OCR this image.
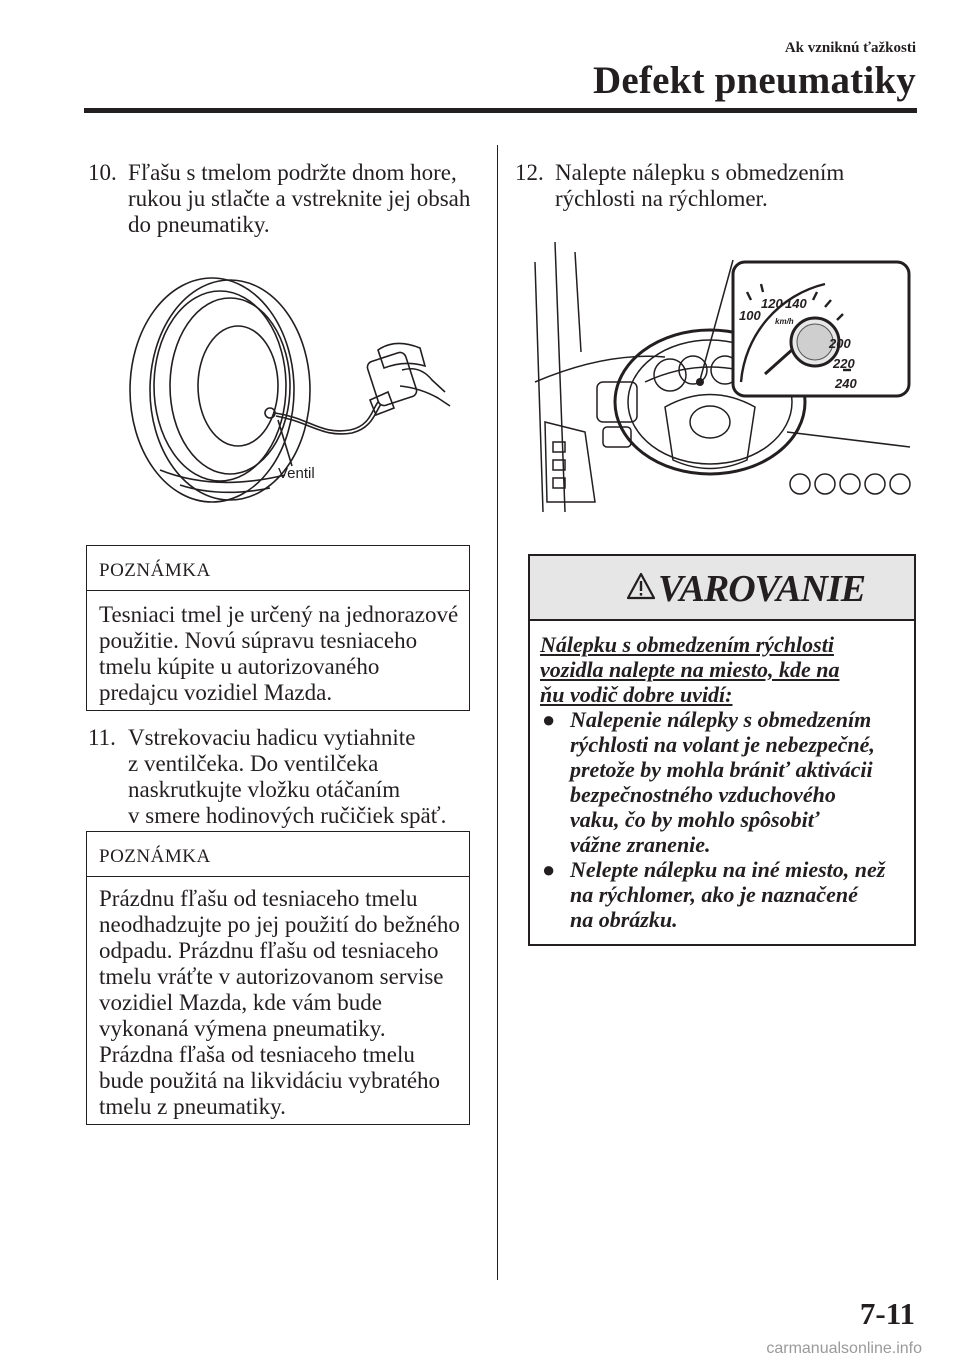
Ak vzniknú ťažkosti
Defekt pneumatiky
10. Fľašu s tmelom podržte dnom hore,
rukou ju stlačte a vstreknite jej obsah
do pneumatiky.
Ventil
POZNÁMKA
Tesniaci tmel je určený na jednorazové
použitie. Novú súpravu tesniaceho
tmelu kúpite u autorizovaného
predajcu vozidiel Mazda.
11. Vstrekovaciu hadicu vytiahnite
z ventilčeka. Do ventilčeka
naskrutkujte vložku otáčaním
v smere hodinových ručičiek späť.
POZNÁMKA
Prázdnu fľašu od tesniaceho tmelu
neodhadzujte po jej použití do bežného
odpadu. Prázdnu fľašu od tesniaceho
tmelu vráťte v autorizovanom servise
vozidiel Mazda, kde vám bude
vykonaná výmena pneumatiky.
Prázdna fľaša od tesniaceho tmelu
bude použitá na likvidáciu vybratého
tmelu z pneumatiky.
12. Nalepte nálepku s obmedzením
rýchlosti na rýchlomer.
100
120 140
km/h
200
220
240
VAROVANIE
Nálepku s obmedzením rýchlosti
vozidla nalepte na miesto, kde na
ňu vodič dobre uvidí:
● Nalepenie nálepky s obmedzením
rýchlosti na volant je nebezpečné,
pretože by mohla brániť aktivácii
bezpečnostného vzduchového
vaku, čo by mohlo spôsobiť
vážne zranenie.
● Nelepte nálepku na iné miesto, než
na rýchlomer, ako je naznačené
na obrázku.
7-11
carmanualsonline.info
